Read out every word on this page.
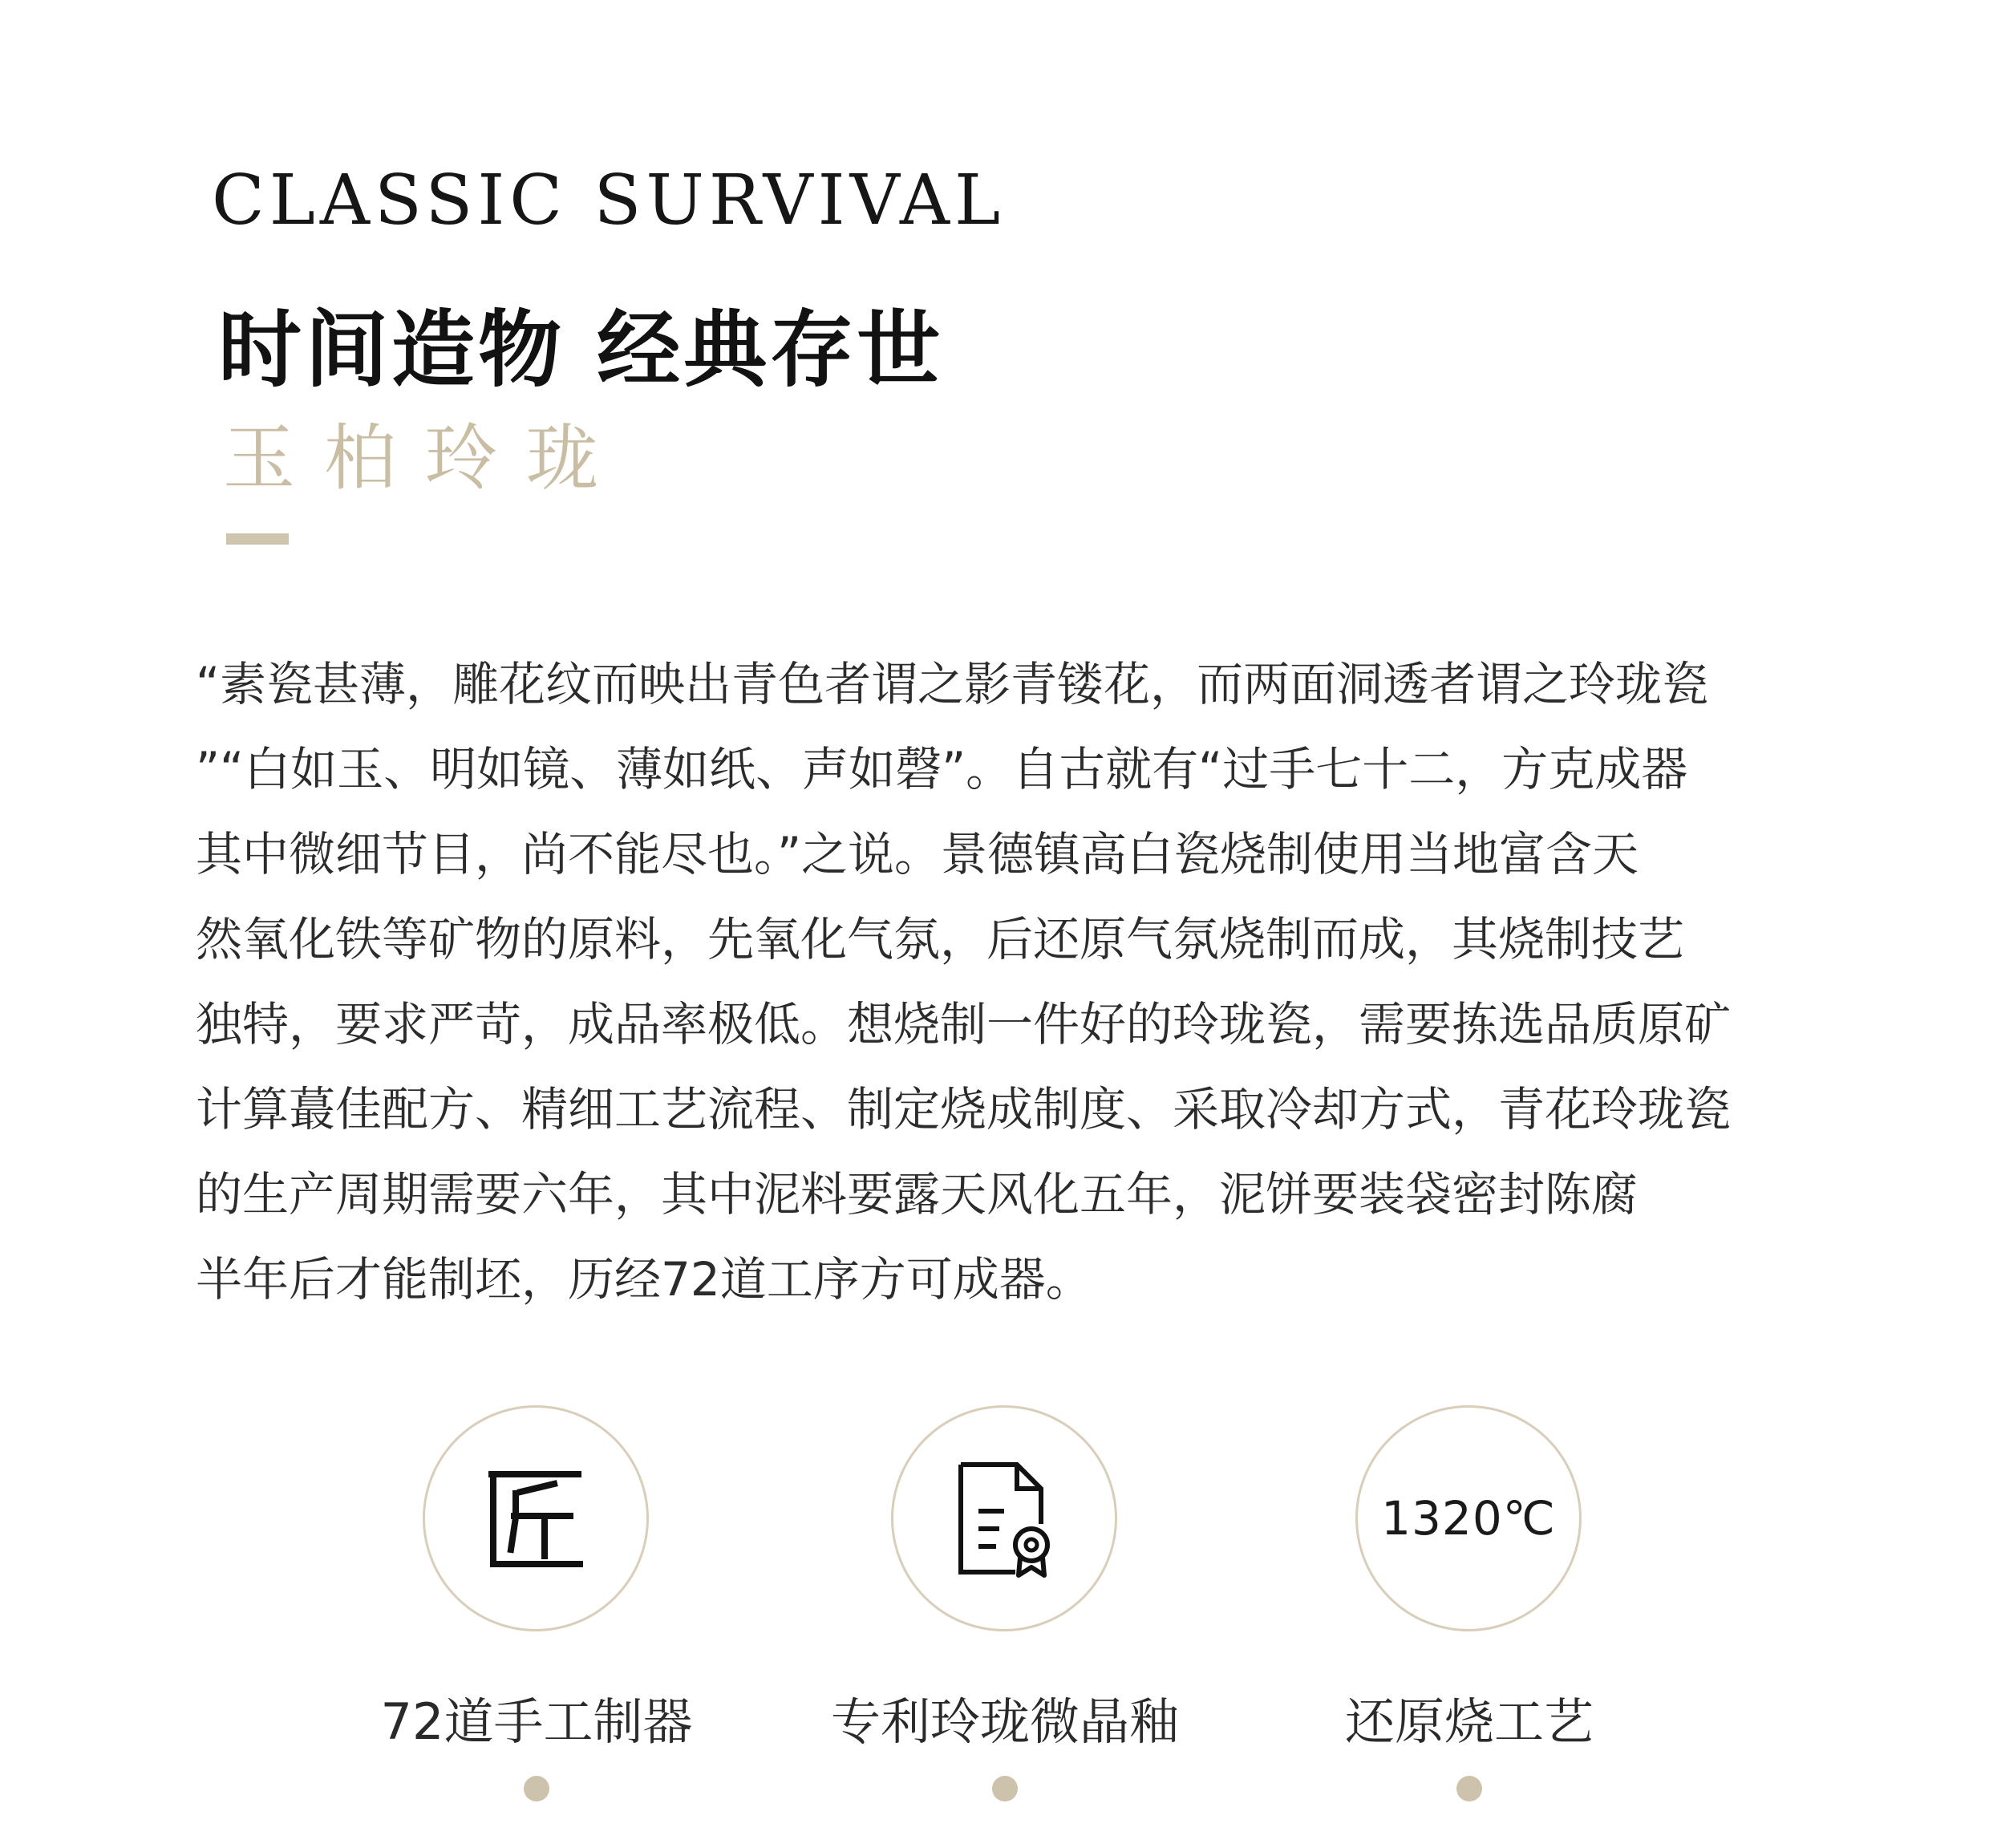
CLASSIC SURVIVAL
时间造物 经典存世
玉柏玲珑
“素瓷甚薄，雕花纹而映出青色者谓之影青镂花，而两面洞透者谓之玲珑瓷
”“白如玉、明如镜、薄如纸、声如磬”。自古就有“过手七十二，方克成器
其中微细节目，尚不能尽也。”之说。景德镇高白瓷烧制使用当地富含天
然氧化铁等矿物的原料，先氧化气氛，后还原气氛烧制而成，其烧制技艺
独特，要求严苛，成品率极低。想烧制一件好的玲珑瓷，需要拣选品质原矿
计算蕞佳配方、精细工艺流程、制定烧成制度、采取冷却方式，青花玲珑瓷
的生产周期需要六年，其中泥料要露天风化五年，泥饼要装袋密封陈腐
半年后才能制坯，历经72道工序方可成器。
72道手工制器	专利玲珑微晶釉
1320℃
还原烧工艺
